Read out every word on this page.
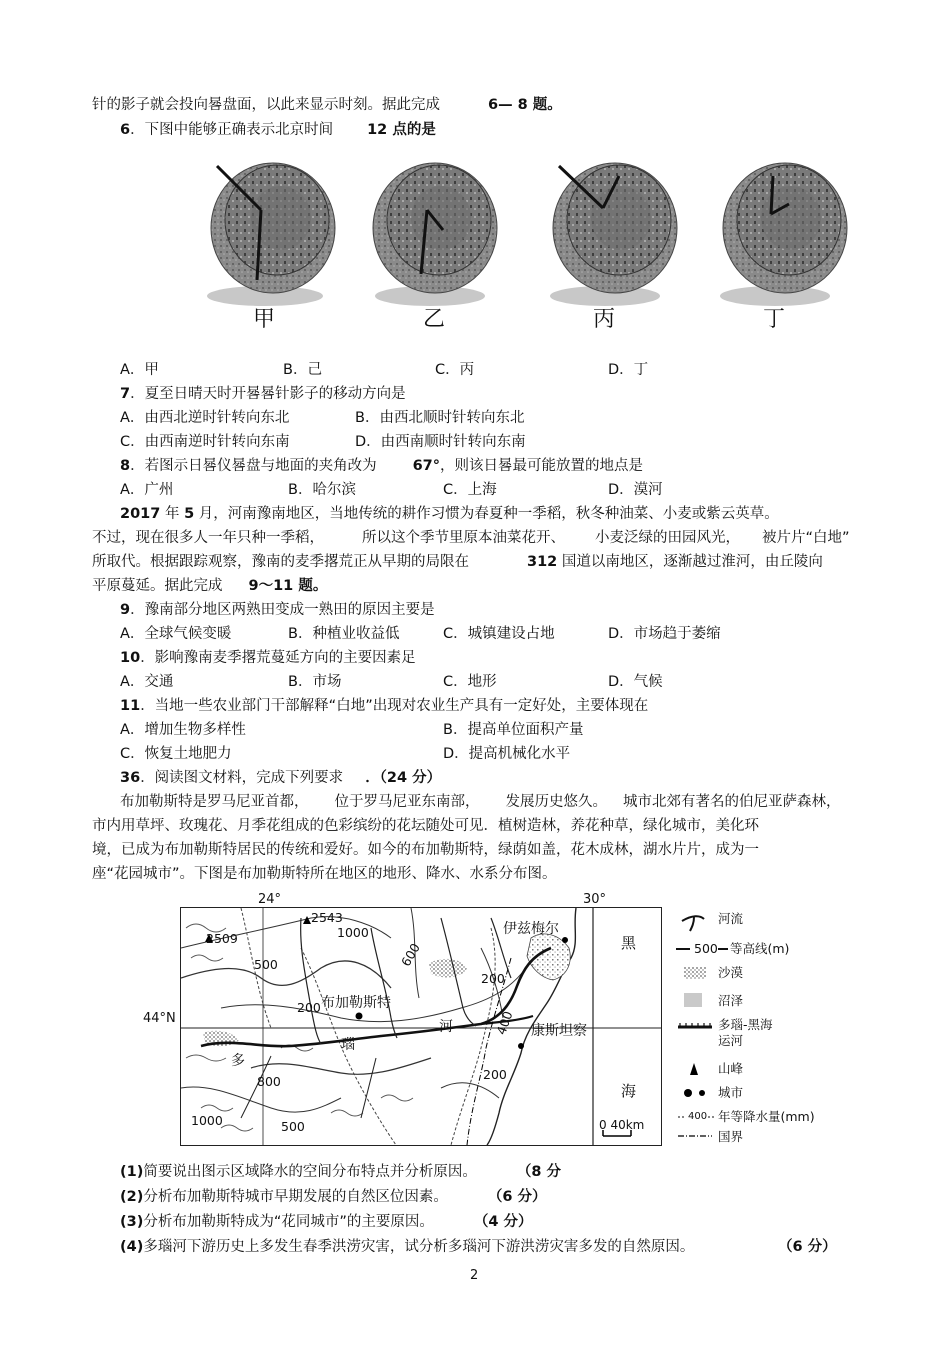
针的影子就会投向晷盘面，以此来显示时刻。据此完成	6— 8 题。
6．下图中能够正确表示北京时间 12 点的是
甲	乙	丙	丁
A．甲	B．己	C．丙	D．丁
7．夏至日晴天时开晷晷针影子的移动方向是
A．由西北逆时针转向东北	B．由西北顺时针转向东北
C．由西南逆时针转向东南	D．由西南顺时针转向东南
8．若图示日晷仪晷盘与地面的夹角改为 67°，则该日晷最可能放置的地点是
A．广州	B．哈尔滨	C．上海	D．漠河
2017 年 5 月，河南豫南地区，当地传统的耕作习惯为春夏种一季稻，秋冬种油菜、小麦或紫云英草。
不过，现在很多人一年只种一季稻，	所以这个季节里原本油菜花开、 小麦泛绿的田园风光， 被片片“白地”
所取代。根据跟踪观察，豫南的麦季撂荒正从早期的局限在	312 国道以南地区，逐渐越过淮河，由丘陵向
平原蔓延。据此完成 9～11 题。
9．豫南部分地区两熟田变成一熟田的原因主要是
A．全球气候变暖	B．种植业收益低	C．城镇建设占地	D．市场趋于萎缩
10．影响豫南麦季撂荒蔓延方向的主要因素足
A．交通	B．市场	C．地形	D．气候
11．当地一些农业部门干部解释“白地”出现对农业生产具有一定好处，主要体现在
A．增加生物多样性	B．提高单位面积产量
C．恢复土地肥力	D．提高机械化水平
36．阅读图文材料，完成下列要求 ．（24 分）
布加勒斯特是罗马尼亚首都， 位于罗马尼亚东南部， 发展历史悠久。 城市北郊有著名的伯尼亚萨森林，
市内用草坪、玫瑰花、月季花组成的色彩缤纷的花坛随处可见．植树造林，养花种草，绿化城市，美化环
境，已成为布加勒斯特居民的传统和爱好。如今的布加勒斯特，绿荫如盖，花木成林，湖水片片，成为一
座“花园城市”。下图是布加勒斯特所在地区的地形、降水、水系分布图。
24°	30°
44°N
2543
2509	1000
500
200
200
400
800	200
1000	500
600
布加勒斯特
伊兹梅尔
康斯坦察
河
多
瑙
黑
海
0 40km
河流
500 等高线(m)
沙漠
沼泽
多瑙-黑海
运河
山峰
城市
400 年等降水量(mm)
国界
(1)简要说出图示区域降水的空间分布特点并分析原因。	（8 分
(2)分析布加勒斯特城市早期发展的自然区位因素。	（6 分）
(3)分析布加勒斯特成为“花同城市”的主要原因。	（4 分）
(4)多瑙河下游历史上多发生春季洪涝灾害，试分析多瑙河下游洪涝灾害多发的自然原因。	（6 分）
2
